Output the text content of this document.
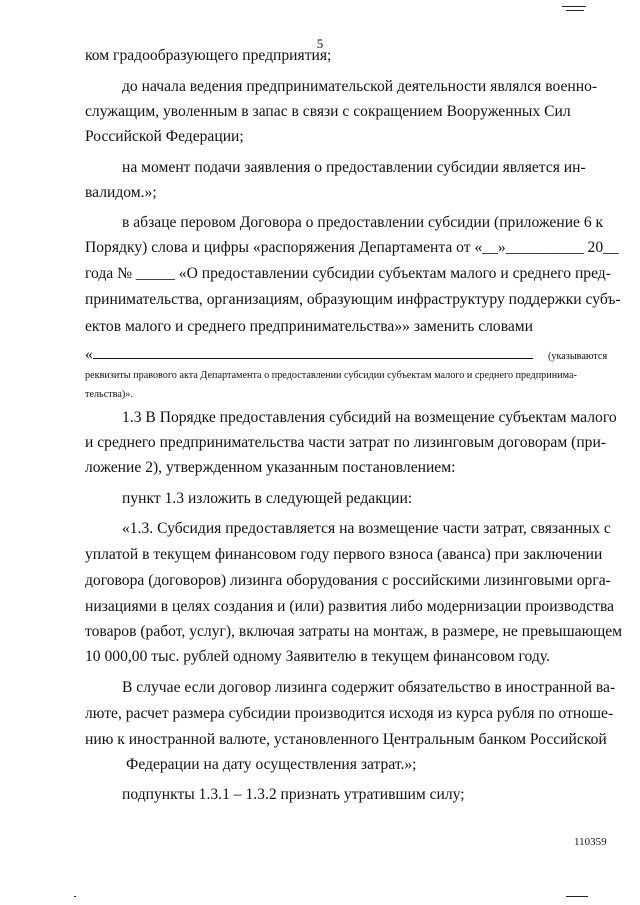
5
ком градообразующего предприятия;
до начала ведения предпринимательской деятельности являлся военно-
служащим, уволенным в запас в связи с сокращением Вооруженных Сил
Российской Федерации;
на момент подачи заявления о предоставлении субсидии является ин-
валидом.»;
в абзаце перовом Договора о предоставлении субсидии (приложение 6 к
Порядку) слова и цифры «распоряжения Департамента от «__»__________ 20__
года № _____ «О предоставлении субсидии субъектам малого и среднего пред-
принимательства, организациям, образующим инфраструктуру поддержки субъ-
ектов малого и среднего предпринимательства»» заменить словами
«	(указываются
реквизиты правового акта Департамента о предоставлении субсидии субъектам малого и среднего предпринима-
тельства)».
1.3 В Порядке предоставления субсидий на возмещение субъектам малого
и среднего предпринимательства части затрат по лизинговым договорам (при-
ложение 2), утвержденном указанным постановлением:
пункт 1.3 изложить в следующей редакции:
«1.3. Субсидия предоставляется на возмещение части затрат, связанных с
уплатой в текущем финансовом году первого взноса (аванса) при заключении
договора (договоров) лизинга оборудования с российскими лизинговыми орга-
низациями в целях создания и (или) развития либо модернизации производства
товаров (работ, услуг), включая затраты на монтаж, в размере, не превышающем
10 000,00 тыс. рублей одному Заявителю в текущем финансовом году.
В случае если договор лизинга содержит обязательство в иностранной ва-
люте, расчет размера субсидии производится исходя из курса рубля по отноше-
нию к иностранной валюте, установленного Центральным банком Российской
Федерации на дату осуществления затрат.»;
подпункты 1.3.1 – 1.3.2 признать утратившим силу;
110359
